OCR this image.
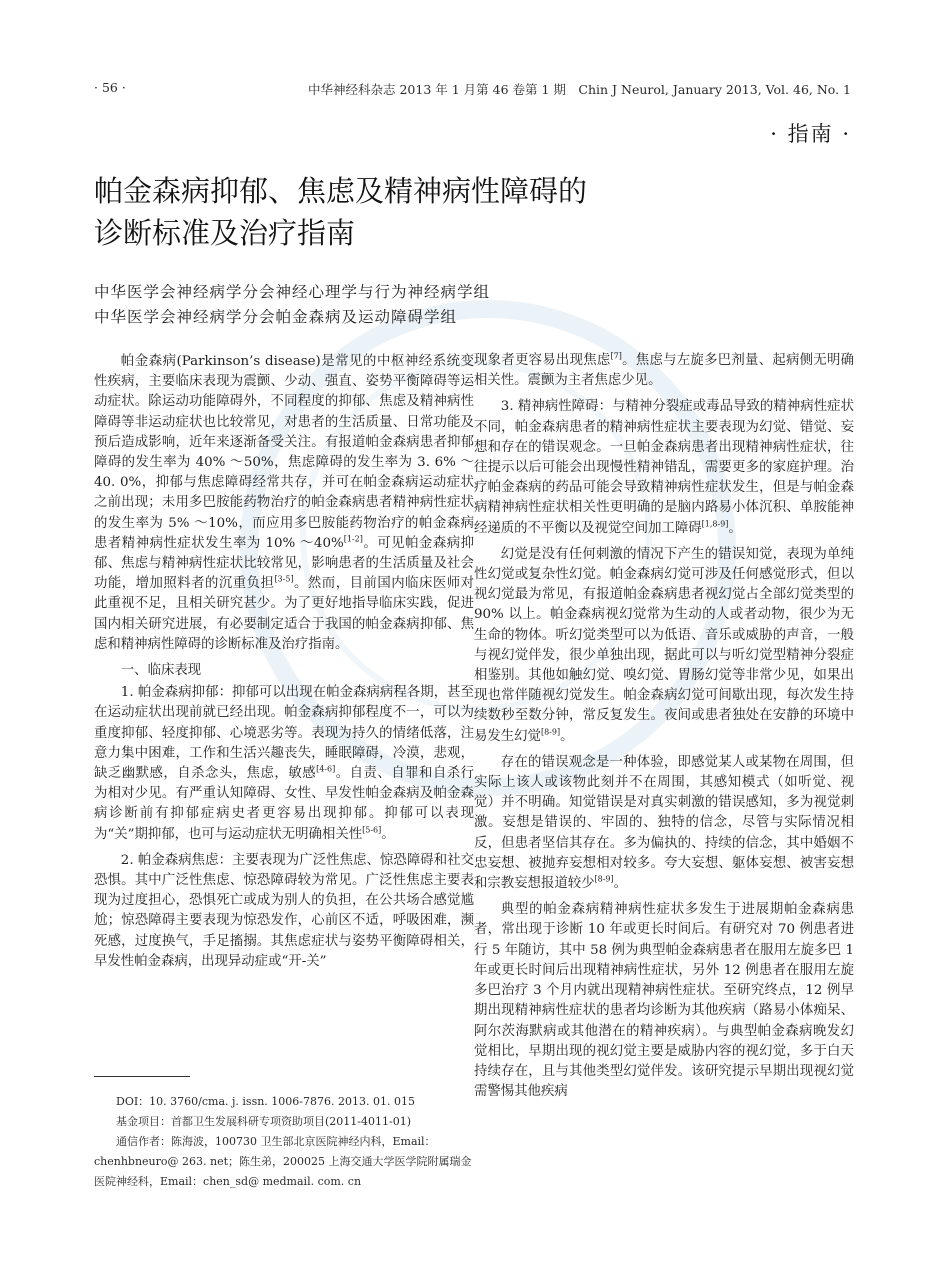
· 56 ·	中华神经科杂志 2013 年 1 月第 46 卷第 1 期　Chin J Neurol, January 2013, Vol. 46, No. 1
· 指南 ·
帕金森病抑郁、焦虑及精神病性障碍的
诊断标准及治疗指南
中华医学会神经病学分会神经心理学与行为神经病学组
中华医学会神经病学分会帕金森病及运动障碍学组

帕金森病(Parkinson’s disease)是常见的中枢神经系统变性疾病，主要临床表现为震颤、少动、强直、姿势平衡障碍等运动症状。除运动功能障碍外，不同程度的抑郁、焦虑及精神病性障碍等非运动症状也比较常见，对患者的生活质量、日常功能及预后造成影响，近年来逐渐备受关注。有报道帕金森病患者抑郁障碍的发生率为 40% ～50%，焦虑障碍的发生率为 3. 6% ～40. 0%，抑郁与焦虑障碍经常共存，并可在帕金森病运动症状之前出现；未用多巴胺能药物治疗的帕金森病患者精神病性症状的发生率为 5% ～10%，而应用多巴胺能药物治疗的帕金森病患者精神病性症状发生率为 10% ～40%[1-2]。可见帕金森病抑郁、焦虑与精神病性症状比较常见，影响患者的生活质量及社会功能，增加照料者的沉重负担[3-5]。然而，目前国内临床医师对此重视不足，且相关研究甚少。为了更好地指导临床实践，促进国内相关研究进展，有必要制定适合于我国的帕金森病抑郁、焦虑和精神病性障碍的诊断标准及治疗指南。

一、临床表现

1. 帕金森病抑郁：抑郁可以出现在帕金森病病程各期，甚至在运动症状出现前就已经出现。帕金森病抑郁程度不一，可以为重度抑郁、轻度抑郁、心境恶劣等。表现为持久的情绪低落，注意力集中困难，工作和生活兴趣丧失，睡眠障碍，冷漠，悲观，缺乏幽默感，自杀念头，焦虑，敏感[4-6]。自责、自罪和自杀行为相对少见。有严重认知障碍、女性、早发性帕金森病及帕金森病诊断前有抑郁症病史者更容易出现抑郁。抑郁可以表现为“关”期抑郁，也可与运动症状无明确相关性[5-6]。

2. 帕金森病焦虑：主要表现为广泛性焦虑、惊恐障碍和社交恐惧。其中广泛性焦虑、惊恐障碍较为常见。广泛性焦虑主要表现为过度担心，恐惧死亡或成为别人的负担，在公共场合感觉尴尬；惊恐障碍主要表现为惊恐发作，心前区不适，呼吸困难，濒死感，过度换气，手足搐搦。其焦虑症状与姿势平衡障碍相关，早发性帕金森病，出现异动症或“开-关”

现象者更容易出现焦虑[7]。焦虑与左旋多巴剂量、起病侧无明确相关性。震颤为主者焦虑少见。

3. 精神病性障碍：与精神分裂症或毒品导致的精神病性症状不同，帕金森病患者的精神病性症状主要表现为幻觉、错觉、妄想和存在的错误观念。一旦帕金森病患者出现精神病性症状，往往提示以后可能会出现慢性精神错乱，需要更多的家庭护理。治疗帕金森病的药品可能会导致精神病性症状发生，但是与帕金森病精神病性症状相关性更明确的是脑内路易小体沉积、单胺能神经递质的不平衡以及视觉空间加工障碍[1,8-9]。

幻觉是没有任何刺激的情况下产生的错误知觉，表现为单纯性幻觉或复杂性幻觉。帕金森病幻觉可涉及任何感觉形式，但以视幻觉最为常见，有报道帕金森病患者视幻觉占全部幻觉类型的 90% 以上。帕金森病视幻觉常为生动的人或者动物，很少为无生命的物体。听幻觉类型可以为低语、音乐或威胁的声音，一般与视幻觉伴发，很少单独出现，据此可以与听幻觉型精神分裂症相鉴别。其他如触幻觉、嗅幻觉、胃肠幻觉等非常少见，如果出现也常伴随视幻觉发生。帕金森病幻觉可间歇出现，每次发生持续数秒至数分钟，常反复发生。夜间或患者独处在安静的环境中易发生幻觉[8-9]。

存在的错误观念是一种体验，即感觉某人或某物在周围，但实际上该人或该物此刻并不在周围，其感知模式（如听觉、视觉）并不明确。知觉错误是对真实刺激的错误感知，多为视觉刺激。妄想是错误的、牢固的、独特的信念，尽管与实际情况相反，但患者坚信其存在。多为偏执的、持续的信念，其中婚姻不忠妄想、被抛弃妄想相对较多。夸大妄想、躯体妄想、被害妄想和宗教妄想报道较少[8-9]。

典型的帕金森病精神病性症状多发生于进展期帕金森病患者，常出现于诊断 10 年或更长时间后。有研究对 70 例患者进行 5 年随访，其中 58 例为典型帕金森病患者在服用左旋多巴 1 年或更长时间后出现精神病性症状，另外 12 例患者在服用左旋多巴治疗 3 个月内就出现精神病性症状。至研究终点，12 例早期出现精神病性症状的患者均诊断为其他疾病（路易小体痴呆、阿尔茨海默病或其他潜在的精神疾病）。与典型帕金森病晚发幻觉相比，早期出现的视幻觉主要是威胁内容的视幻觉，多于白天持续存在，且与其他类型幻觉伴发。该研究提示早期出现视幻觉需警惕其他疾病

DOI：10. 3760/cma. j. issn. 1006-7876. 2013. 01. 015

基金项目：首都卫生发展科研专项资助项目(2011-4011-01)

通信作者：陈海波，100730 卫生部北京医院神经内科，Email：chenhbneuro@ 263. net；陈生弟，200025 上海交通大学医学院附属瑞金医院神经科，Email：chen_sd@ medmail. com. cn
